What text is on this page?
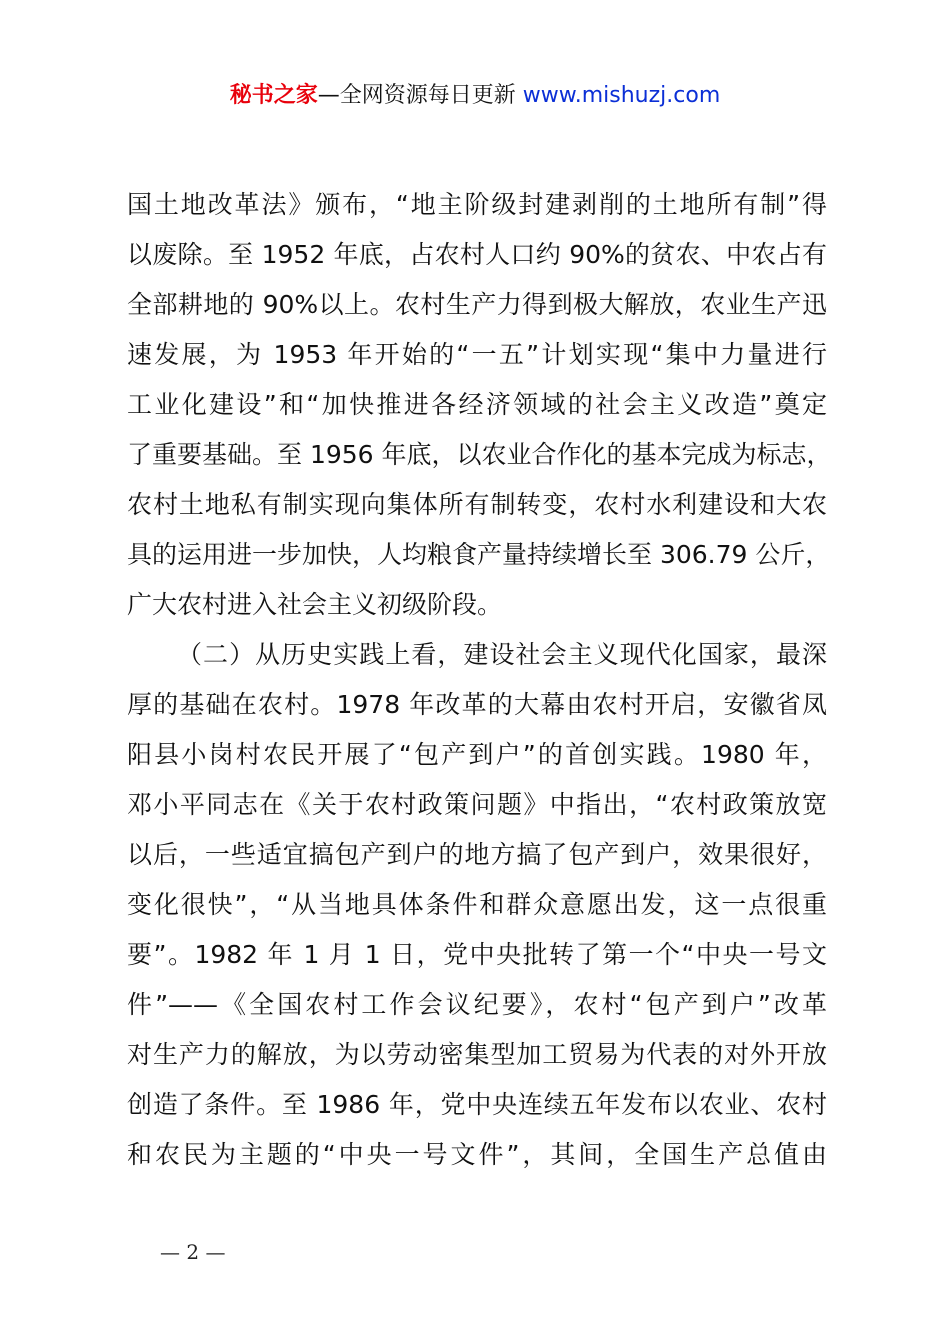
秘书之家—全网资源每日更新 www.mishuzj.com
国土地改革法》颁布，“地主阶级封建剥削的土地所有制”得
以废除。至 1952 年底，占农村人口约 90%的贫农、中农占有
全部耕地的 90%以上。农村生产力得到极大解放，农业生产迅
速发展，为 1953 年开始的“一五”计划实现“集中力量进行
工业化建设”和“加快推进各经济领域的社会主义改造”奠定
了重要基础。至 1956 年底，以农业合作化的基本完成为标志，
农村土地私有制实现向集体所有制转变，农村水利建设和大农
具的运用进一步加快，人均粮食产量持续增长至 306.79 公斤，
广大农村进入社会主义初级阶段。
（二）从历史实践上看，建设社会主义现代化国家，最深
厚的基础在农村。1978 年改革的大幕由农村开启，安徽省凤
阳县小岗村农民开展了“包产到户”的首创实践。1980 年，
邓小平同志在《关于农村政策问题》中指出，“农村政策放宽
以后，一些适宜搞包产到户的地方搞了包产到户，效果很好，
变化很快”，“从当地具体条件和群众意愿出发，这一点很重
要”。1982 年 1 月 1 日，党中央批转了第一个“中央一号文
件”——《全国农村工作会议纪要》，农村“包产到户”改革
对生产力的解放，为以劳动密集型加工贸易为代表的对外开放
创造了条件。至 1986 年，党中央连续五年发布以农业、农村
和农民为主题的“中央一号文件”，其间，全国生产总值由
— 2 —
